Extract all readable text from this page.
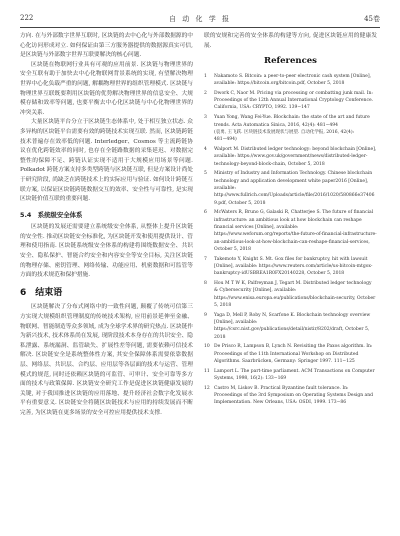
222	自 动 化 学 报	45卷

方向. 在与外部数字世界互联时, 区块链的去中心化与外部数据源的中心化访问形成对立. 如何保证由第三方服务器提供的数据源真实可信, 是区块链与外部数字世界互联要解决的核心问题.

区块链在物联网行业具有可观的应用前景. 区块链与物理世界的安全互联有助于加快去中心化物联网背景系统的实现, 有望解决物理世界中心化负载严重的问题, 解耦物理世界的组织管理模式. 区块链与物理世界互联既要利用区块链的优势解决物理世界的信息安全、大规模存储和效率等问题, 也要平衡去中心化区块链与中心化物理世界的冲突关系.

大量区块链平台分立于区块链生态体系中, 处于相互独立状态. 众多异构的区块链平台需要有效的跨链技术实现互联. 然而, 区块链跨链技术普遍存在效率低的问题. Interledger、Cosmos 等主流跨链协议在优化跨链效率的同时, 也存在全链路数据的采集延迟、对数据完整性的保障不足、跨链认证实现不适用于大规模应用场景等问题. Polkadot 跨链方案支持多类型跨链与区块链互联, 但是方案设计尚处于研究阶段, 尚缺乏在跨链技术上的实际应用与验证. 如何设计跨链互联方案, 以保证区块链跨链数据交互的效率、安全性与可靠性, 是实现区块链价值互联的重要问题.

5.4　系统级安全体系

区块链的发展还需要建立系统级安全体系, 从整体上提升区块链的安全性. 推动区块链安全标准化, 为区块链开发和使用提供设计、管理和使用指南. 区块链系统级安全体系的构建将围绕数据安全、共识安全、隐私保护、智能合约安全和内容安全等安全目标, 关注区块链的物理存储、密钥管理、网络传输、功能应用、机密数据和可监管等方面的技术规范和保护措施.

6　结束语

区块链解决了分布式网络中的一致性问题, 颠覆了传统可信第三方实现大规模组织管理制度的传统技术架构, 应用前景延伸至金融、物联网、智能制造等众多领域, 成为全球学术界的研究热点. 区块链作为新兴技术, 技术体系尚在发展, 现阶段技术本身存在的共识安全、隐私泄露、系统漏洞、监管缺失、扩展性差等问题, 需要依赖可信技术解决. 区块链安全是系统整体性方案, 其安全保障体系需要依靠数据层、网络层、共识层、合约层、应用层等各层面的技术与运营、管理模式的规范, 同时还依赖区块链的可监管、可审计、安全可靠等多方面的技术与政策保障. 区块链安全研究工作是促进区块链健康发展的关键, 对于我国推进区块链的应用落地、提升经济社会数字化发展水平有重要意义. 区块链安全将随区块链技术与应用的持续发展而不断完善, 为区块链在更多场景的安全可控应用提供技术支撑.

联的安规和完善的安全体系的构建等方向, 促进区块链应用的健康发展.

References
1 Nakamoto S. Bitcoin: a peer-to-peer electronic cash system [Online], available: https://bitcoin.org/bitcoin.pdf, October 5, 2018
2 Dwork C, Naor M. Pricing via processing or combatting junk mail. In: Proceedings of the 12th Annual International Cryptology Conference. California, USA: CRYPTO, 1992. 139−147
3 Yuan Yong, Wang Fei-Yue. Blockchain: the state of the art and future trends. Acta Automatica Sinica, 2016, 42(4): 481−494
(袁勇, 王飞跃. 区块链技术发展现状与展望. 自动化学报, 2016, 42(4): 481−494)
4 Walport M. Distributed ledger technology: beyond blockchain [Online], available: https://www.gov.uk/government/news/distributed-ledger-technology-beyond-block-chain, October 5, 2018
5 Ministry of Industry and Information Technology. Chinese blockchain technology and application development white paper2016 [Online], available: http://www.fullrich.com/Uploads/article/file/2016/1020/580866e374069.pdf, October 5, 2018
6 McWaters R, Bruno G, Galaski R, Chatterjee S. The future of financial infrastructure: an ambitious look at how blockchain can reshape financial services [Online], available: https://www.weforum.org/reports/the-future-of-financial-infrastructure-an-ambitious-look-at-how-blockchain-can-reshape-financial-services, October 5, 2018
7 Takemoto Y, Knight S. Mt. Gox files for bankruptcy, hit with lawsuit [Online], available: https://www.reuters.com/article/us-bitcoin-mtgox-bankruptcy-idUSBREA1R0FX20140228, October 5, 2018
8 Hou M T W K, Palfreyman J, Tegart M. Distributed ledger technology & Cybersecurity [Online], available: https://www.enisa.europa.eu/publications/blockchain-security, October 5, 2018
9 Yaga D, Mell P, Roby N, Scarfone K. Blockchain technology overview [Online], available: https://csrc.nist.gov/publications/detail/nistir/8202/draft, October 5, 2018
10 De Prisco R, Lampson B, Lynch N. Revisiting the Paxos algorithm. In: Proceedings of the 11th International Workshop on Distributed Algorithms. Saarbrücken, Germany: Springer 1997. 111−125
11 Lamport L. The part-time parliament. ACM Transactions on Computer Systems, 1998, 16(2): 133−169
12 Castro M, Liskov B. Practical Byzantine fault tolerance. In: Proceedings of the 3rd Symposium on Operating Systems Design and Implementation. New Orleans, USA: OSDI, 1999. 173−86
